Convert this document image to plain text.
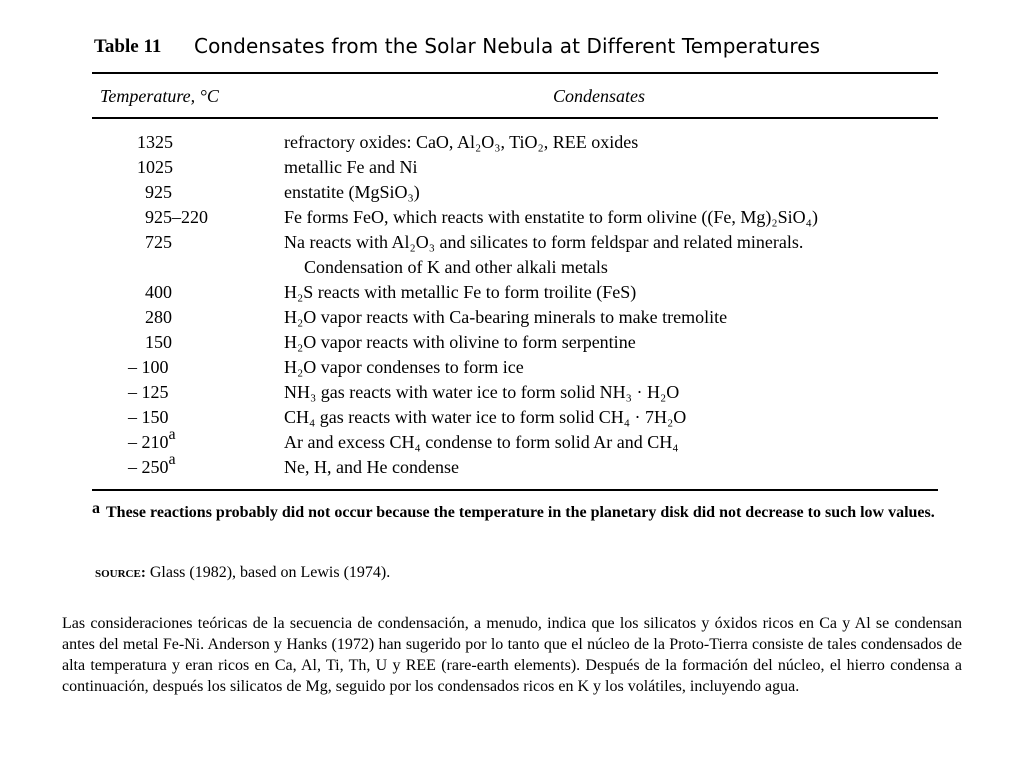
Table 11 Condensates from the Solar Nebula at Different Temperatures
Temperature, °C	Condensates
1325	refractory oxides: CaO, Al₂O₃, TiO₂, REE oxides
1025	metallic Fe and Ni
925	enstatite (MgSiO₃)
925–220	Fe forms FeO, which reacts with enstatite to form olivine ((Fe, Mg)₂SiO₄)
725	Na reacts with Al₂O₃ and silicates to form feldspar and related minerals.
Condensation of K and other alkali metals
400	H₂S reacts with metallic Fe to form troilite (FeS)
280	H₂O vapor reacts with Ca-bearing minerals to make tremolite
150	H₂O vapor reacts with olivine to form serpentine
– 100	H₂O vapor condenses to form ice
– 125	NH₃ gas reacts with water ice to form solid NH₃ · H₂O
– 150	CH₄ gas reacts with water ice to form solid CH₄ · 7H₂O
– 210a	Ar and excess CH₄ condense to form solid Ar and CH₄
– 250a	Ne, H, and He condense
a These reactions probably did not occur because the temperature in the planetary disk did not decrease to such low values.
source: Glass (1982), based on Lewis (1974).
Las consideraciones teóricas de la secuencia de condensación, a menudo, indica que los silicatos y óxidos ricos en Ca y Al se condensan antes del metal Fe-Ni. Anderson y Hanks (1972) han sugerido por lo tanto que el núcleo de la Proto-Tierra consiste de tales condensados de alta temperatura y eran ricos en Ca, Al, Ti, Th, U y REE (rare-earth elements). Después de la formación del núcleo, el hierro condensa a continuación, después los silicatos de Mg, seguido por los condensados ricos en K y los volátiles, incluyendo agua.
